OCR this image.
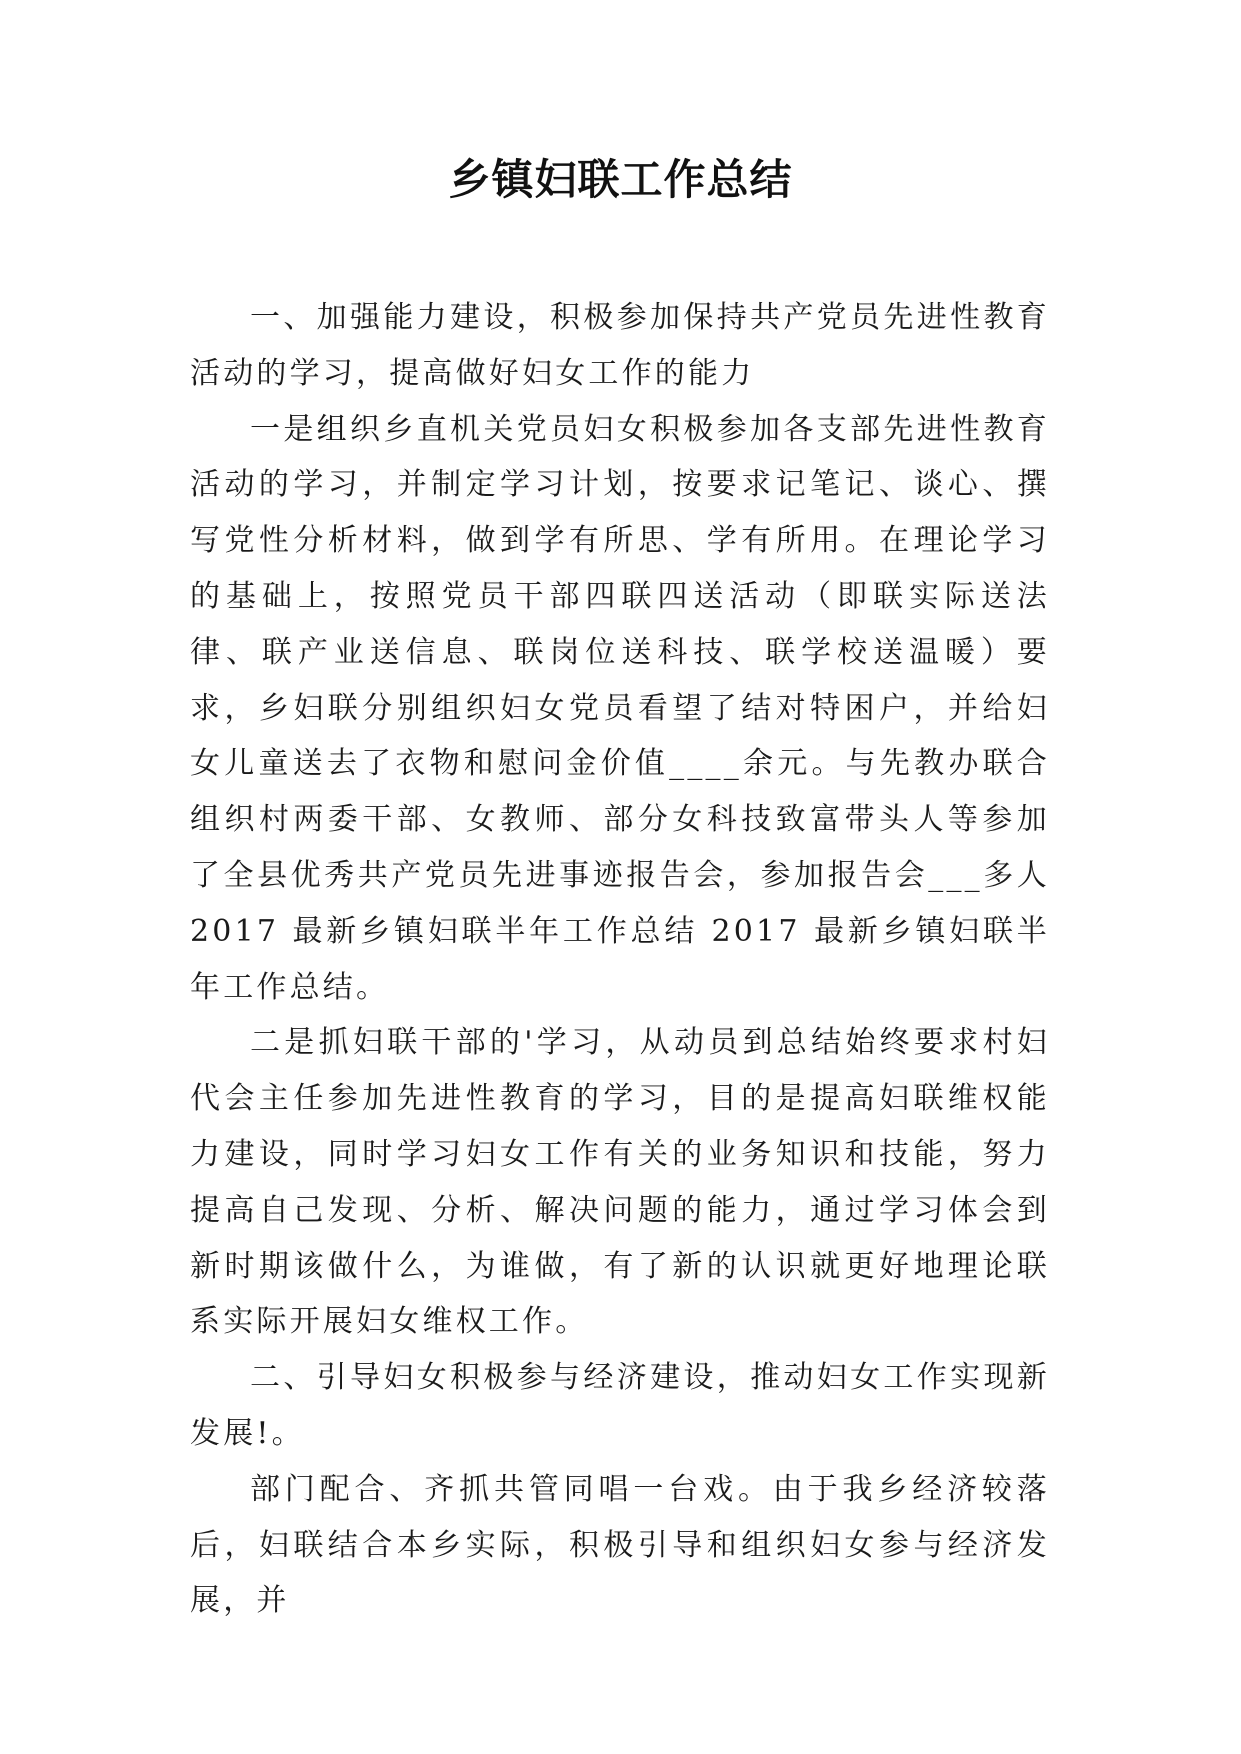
乡镇妇联工作总结

一、加强能力建设，积极参加保持共产党员先进性教育活动的学习，提高做好妇女工作的能力

一是组织乡直机关党员妇女积极参加各支部先进性教育活动的学习，并制定学习计划，按要求记笔记、谈心、撰写党性分析材料，做到学有所思、学有所用。在理论学习的基础上，按照党员干部四联四送活动（即联实际送法律、联产业送信息、联岗位送科技、联学校送温暖）要求，乡妇联分别组织妇女党员看望了结对特困户，并给妇女儿童送去了衣物和慰问金价值____余元。与先教办联合组织村两委干部、女教师、部分女科技致富带头人等参加了全县优秀共产党员先进事迹报告会，参加报告会___多人 2017 最新乡镇妇联半年工作总结 2017 最新乡镇妇联半年工作总结。

二是抓妇联干部的'学习，从动员到总结始终要求村妇代会主任参加先进性教育的学习，目的是提高妇联维权能力建设，同时学习妇女工作有关的业务知识和技能，努力提高自己发现、分析、解决问题的能力，通过学习体会到新时期该做什么，为谁做，有了新的认识就更好地理论联系实际开展妇女维权工作。

二、引导妇女积极参与经济建设，推动妇女工作实现新发展!。

部门配合、齐抓共管同唱一台戏。由于我乡经济较落后，妇联结合本乡实际，积极引导和组织妇女参与经济发展，并
